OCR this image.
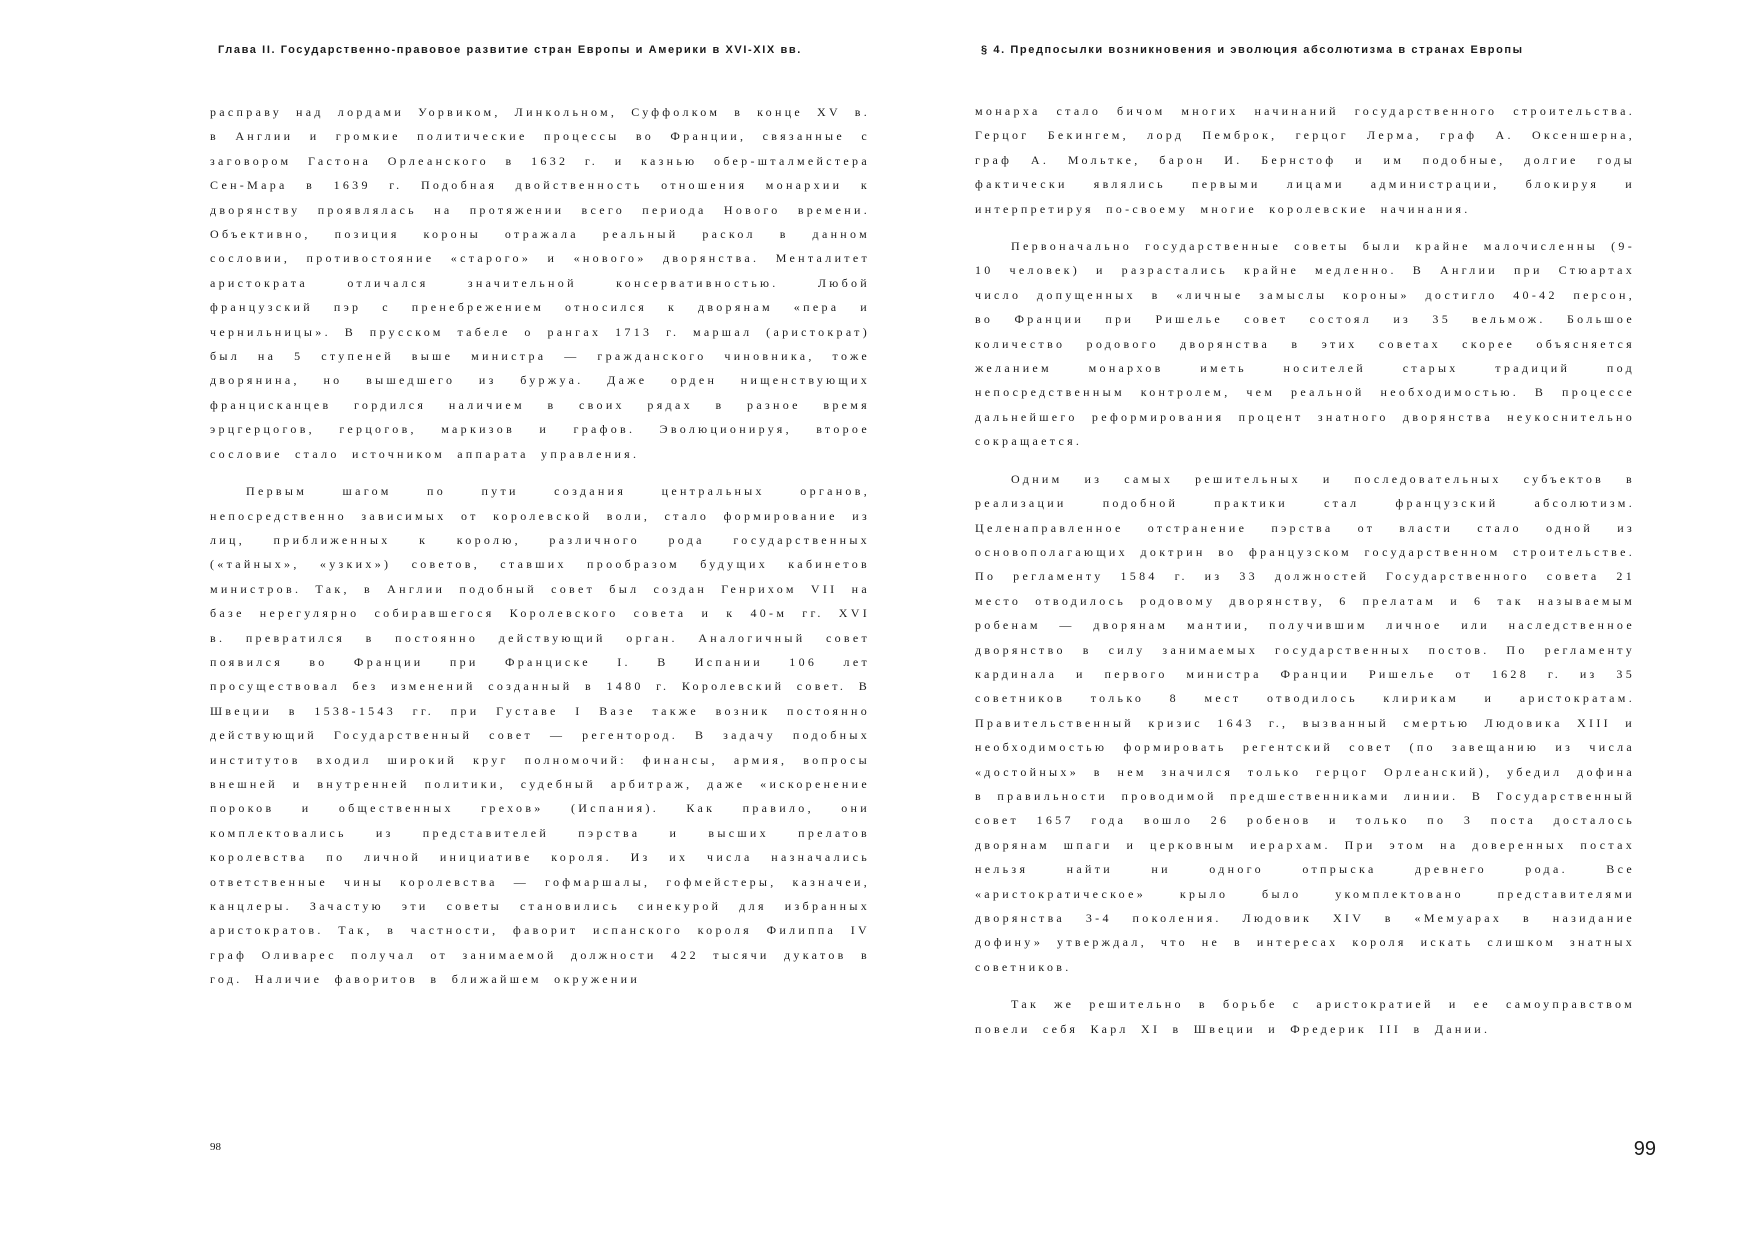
Глава II. Государственно-правовое развитие стран Европы и Америки в XVI-XIX вв.

расправу над лордами Уорвиком, Линкольном, Суффолком в конце XV в. в Англии и громкие политические процессы во Франции, связанные с заговором Гастона Орлеанского в 1632 г. и казнью обер-шталмейстера Сен-Мара в 1639 г. Подобная двойственность отношения монархии к дворянству проявлялась на протяжении всего периода Нового времени. Объективно, позиция короны отражала реальный раскол в данном сословии, противостояние «старого» и «нового» дворянства. Менталитет аристократа отличался значительной консервативностью. Любой французский пэр с пренебрежением относился к дворянам «пера и чернильницы». В прусском табеле о рангах 1713 г. маршал (аристократ) был на 5 ступеней выше министра — гражданского чиновника, тоже дворянина, но вышедшего из буржуа. Даже орден нищенствующих францисканцев гордился наличием в своих рядах в разное время эрцгерцогов, герцогов, маркизов и графов. Эволюционируя, второе сословие стало источником аппарата управления.

Первым шагом по пути создания центральных органов, непосредственно зависимых от королевской воли, стало формирование из лиц, приближенных к королю, различного рода государственных («тайных», «узких») советов, ставших прообразом будущих кабинетов министров. Так, в Англии подобный совет был создан Генрихом VII на базе нерегулярно собиравшегося Королевского совета и к 40-м гг. XVI в. превратился в постоянно действующий орган. Аналогичный совет появился во Франции при Франциске I. В Испании 106 лет просуществовал без изменений созданный в 1480 г. Королевский совет. В Швеции в 1538-1543 гг. при Густаве I Вазе также возник постоянно действующий Государственный совет — регентород. В задачу подобных институтов входил широкий круг полномочий: финансы, армия, вопросы внешней и внутренней политики, судебный арбитраж, даже «искоренение пороков и общественных грехов» (Испания). Как правило, они комплектовались из представителей пэрства и высших прелатов королевства по личной инициативе короля. Из их числа назначались ответственные чины королевства — гофмаршалы, гофмейстеры, казначеи, канцлеры. Зачастую эти советы становились синекурой для избранных аристократов. Так, в частности, фаворит испанского короля Филиппа IV граф Оливарес получал от занимаемой должности 422 тысячи дукатов в год. Наличие фаворитов в ближайшем окружении

98
§ 4. Предпосылки возникновения и эволюция абсолютизма в странах Европы

монарха стало бичом многих начинаний государственного строительства. Герцог Бекингем, лорд Пемброк, герцог Лерма, граф А. Оксеншерна, граф А. Мольтке, барон И. Бернстоф и им подобные, долгие годы фактически являлись первыми лицами администрации, блокируя и интерпретируя по-своему многие королевские начинания.

Первоначально государственные советы были крайне малочисленны (9-10 человек) и разрастались крайне медленно. В Англии при Стюартах число допущенных в «личные замыслы короны» достигло 40-42 персон, во Франции при Ришелье совет состоял из 35 вельмож. Большое количество родового дворянства в этих советах скорее объясняется желанием монархов иметь носителей старых традиций под непосредственным контролем, чем реальной необходимостью. В процессе дальнейшего реформирования процент знатного дворянства неукоснительно сокращается.

Одним из самых решительных и последовательных субъектов в реализации подобной практики стал французский абсолютизм. Целенаправленное отстранение пэрства от власти стало одной из основополагающих доктрин во французском государственном строительстве. По регламенту 1584 г. из 33 должностей Государственного совета 21 место отводилось родовому дворянству, 6 прелатам и 6 так называемым робенам — дворянам мантии, получившим личное или наследственное дворянство в силу занимаемых государственных постов. По регламенту кардинала и первого министра Франции Ришелье от 1628 г. из 35 советников только 8 мест отводилось клирикам и аристократам. Правительственный кризис 1643 г., вызванный смертью Людовика XIII и необходимостью формировать регентский совет (по завещанию из числа «достойных» в нем значился только герцог Орлеанский), убедил дофина в правильности проводимой предшественниками линии. В Государственный совет 1657 года вошло 26 робенов и только по 3 поста досталось дворянам шпаги и церковным иерархам. При этом на доверенных постах нельзя найти ни одного отпрыска древнего рода. Все «аристократическое» крыло было укомплектовано представителями дворянства 3-4 поколения. Людовик XIV в «Мемуарах в назидание дофину» утверждал, что не в интересах короля искать слишком знатных советников.

Так же решительно в борьбе с аристократией и ее самоуправством повели себя Карл XI в Швеции и Фредерик III в Дании.

99
